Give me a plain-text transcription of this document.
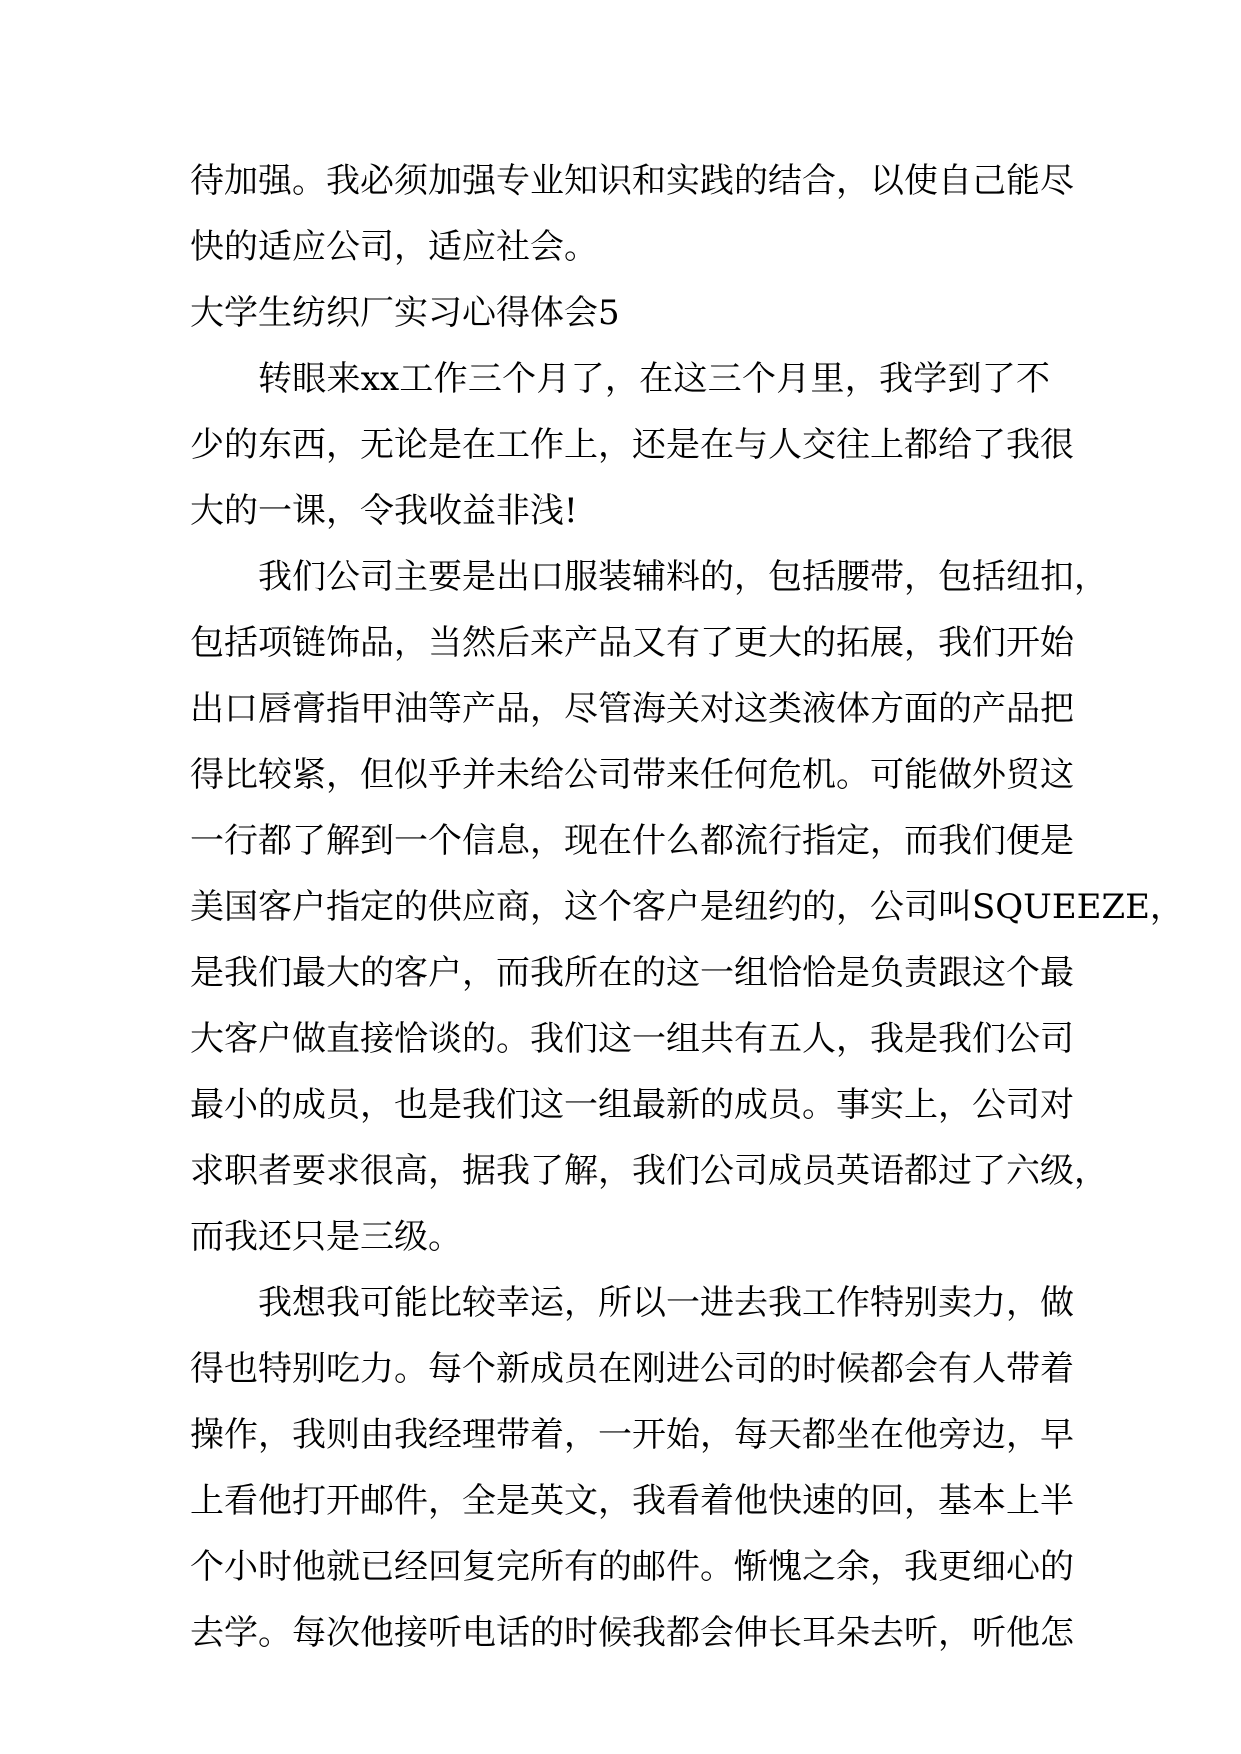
待加强。我必须加强专业知识和实践的结合，以使自己能尽
快的适应公司，适应社会。
大学生纺织厂实习心得体会5
转眼来xx工作三个月了，在这三个月里，我学到了不
少的东西，无论是在工作上，还是在与人交往上都给了我很
大的一课，令我收益非浅!
我们公司主要是出口服装辅料的，包括腰带，包括纽扣，
包括项链饰品，当然后来产品又有了更大的拓展，我们开始
出口唇膏指甲油等产品，尽管海关对这类液体方面的产品把
得比较紧，但似乎并未给公司带来任何危机。可能做外贸这
一行都了解到一个信息，现在什么都流行指定，而我们便是
美国客户指定的供应商，这个客户是纽约的，公司叫SQUEEZE，
是我们最大的客户，而我所在的这一组恰恰是负责跟这个最
大客户做直接恰谈的。我们这一组共有五人，我是我们公司
最小的成员，也是我们这一组最新的成员。事实上，公司对
求职者要求很高，据我了解，我们公司成员英语都过了六级，
而我还只是三级。
我想我可能比较幸运，所以一进去我工作特别卖力，做
得也特别吃力。每个新成员在刚进公司的时候都会有人带着
操作，我则由我经理带着，一开始，每天都坐在他旁边，早
上看他打开邮件，全是英文，我看着他快速的回，基本上半
个小时他就已经回复完所有的邮件。惭愧之余，我更细心的
去学。每次他接听电话的时候我都会伸长耳朵去听，听他怎
